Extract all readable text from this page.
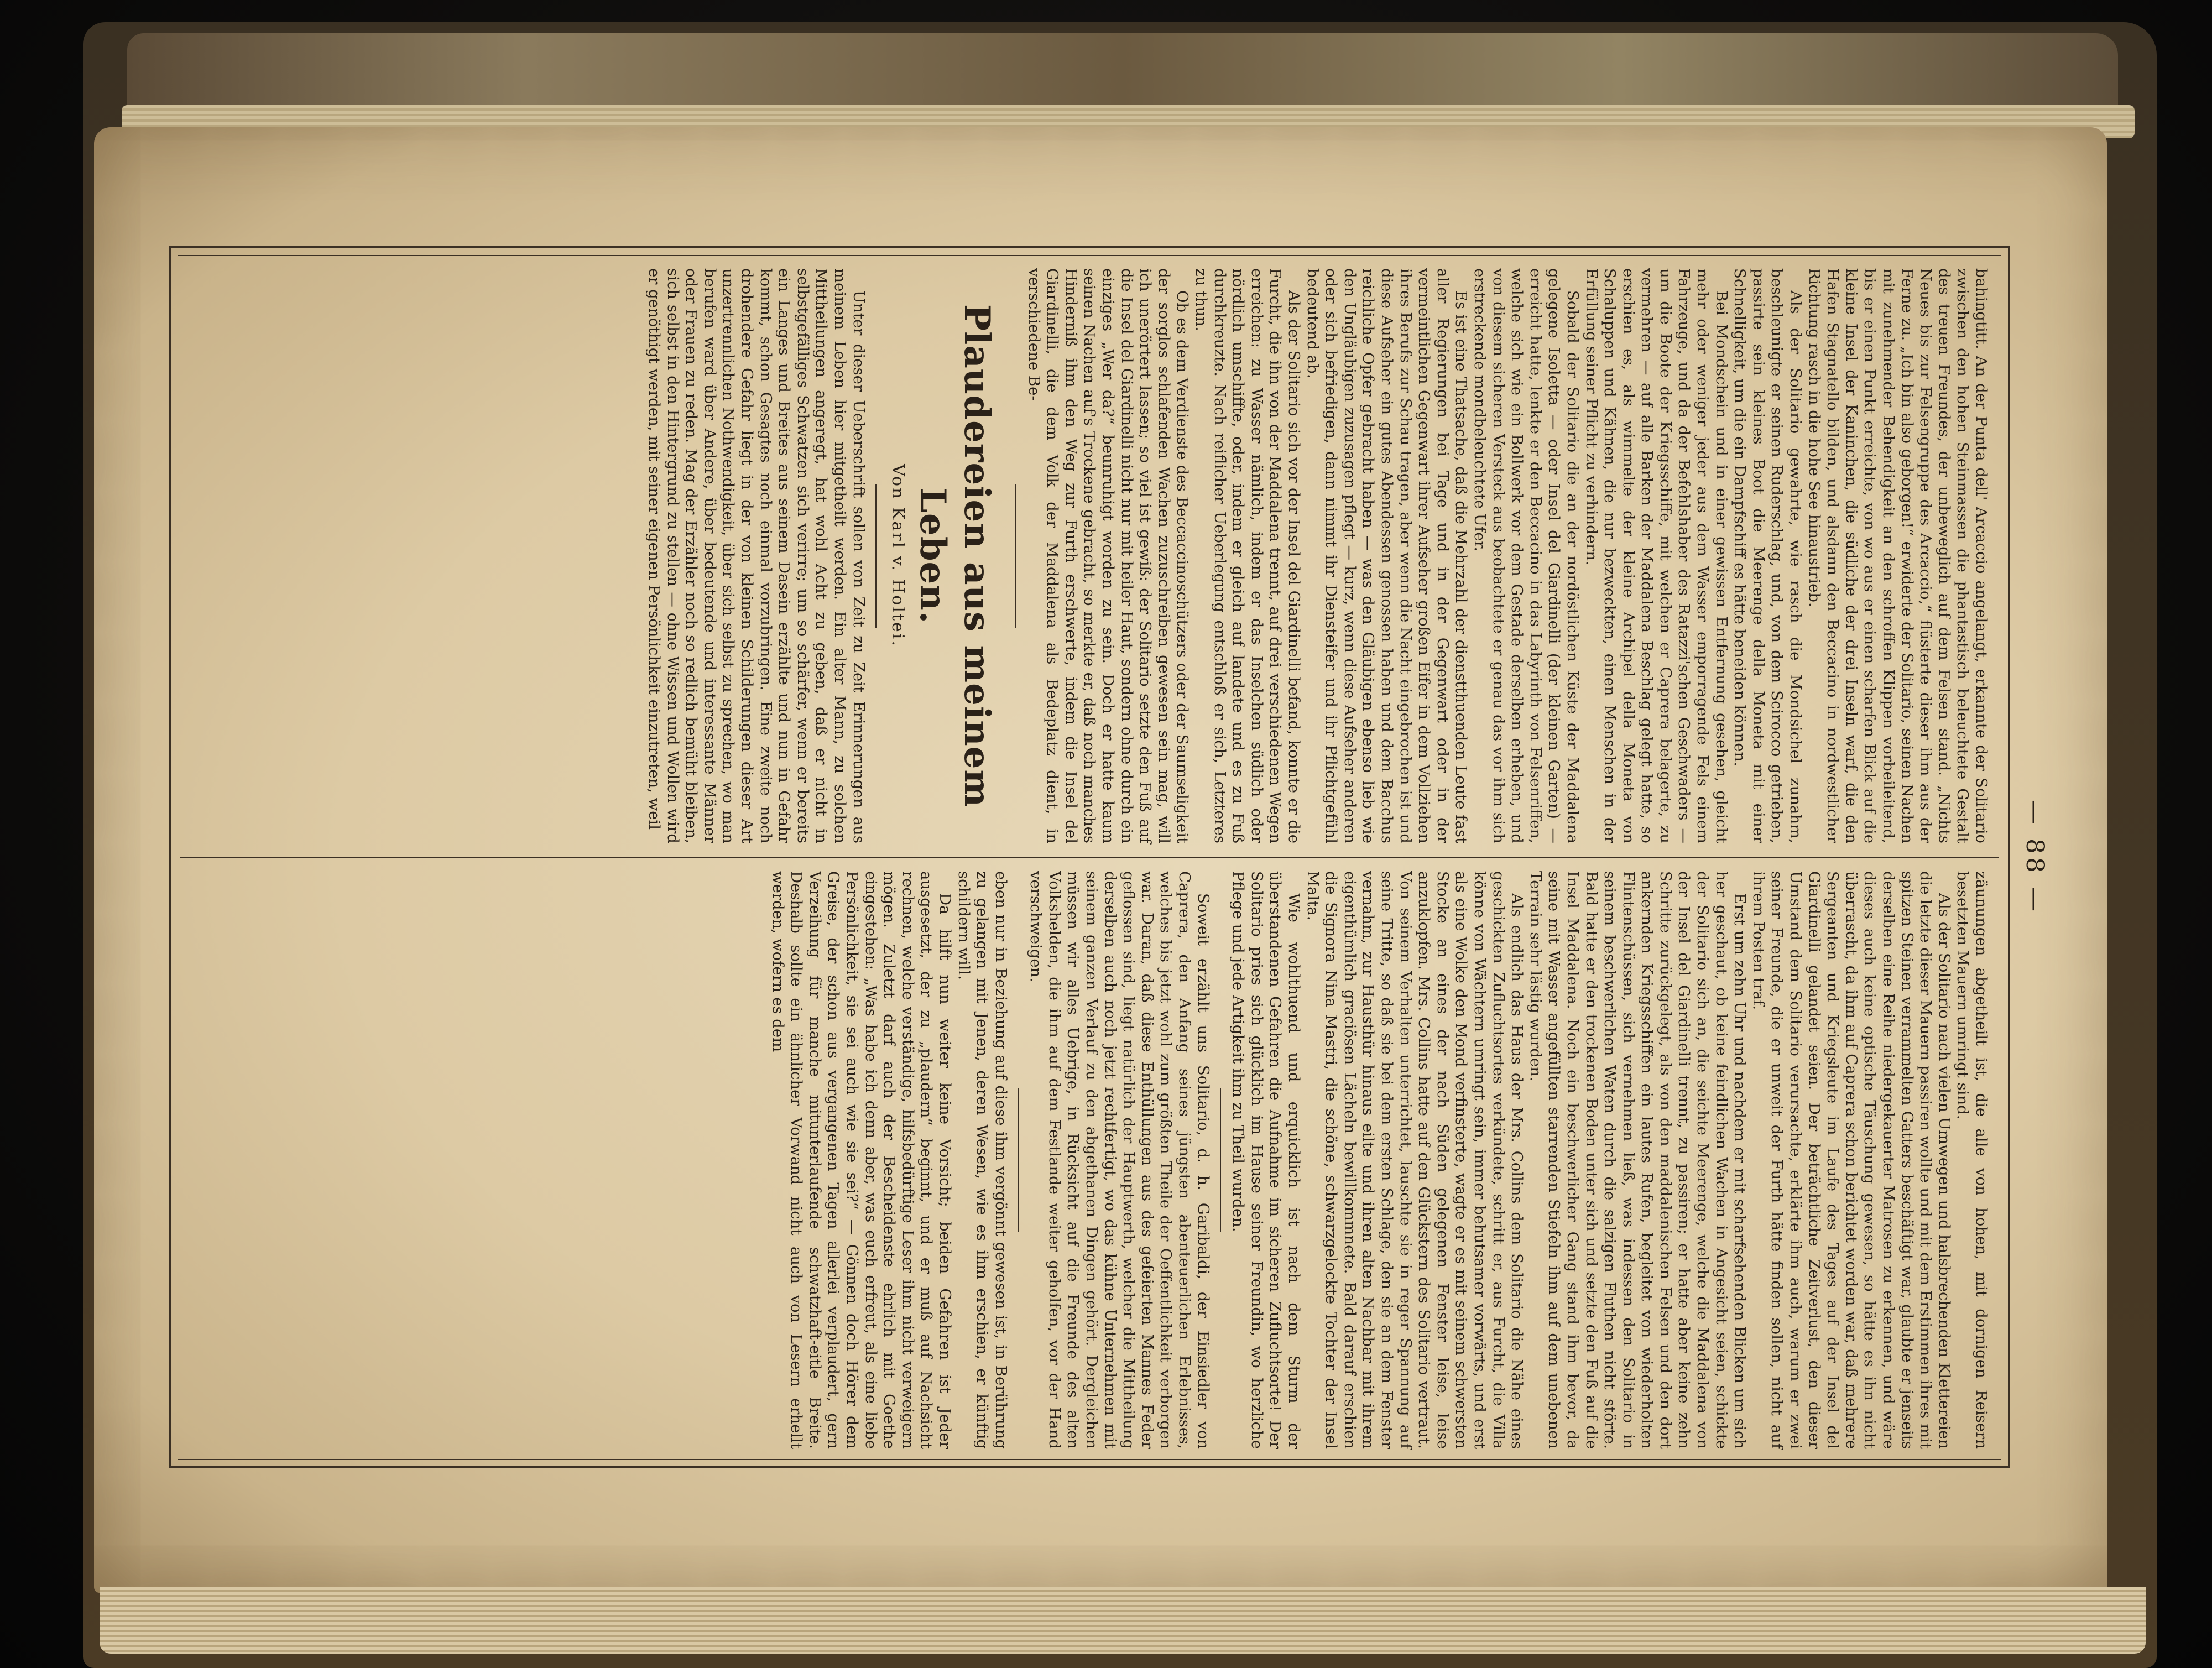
— 88 —

bahingtitt. An der Punta dell' Arcaccio angelangt, erkannte der Solitario zwischen den hohen Steinmassen die phantastisch beleuchtete Gestalt des treuen Freundes, der unbeweglich auf dem Felsen stand. „Nichts Neues bis zur Felsengruppe des Arcaccio,“ flüsterte dieser ihm aus der Ferne zu. „Ich bin also geborgen!“ erwiderte der Solitario, seinen Nachen mit zunehmender Behendigkeit an den schroffen Klippen vorbeileitend, bis er einen Punkt erreichte, von wo aus er einen scharfen Blick auf die kleine Insel der Kaninchen, die südliche der drei Inseln warf, die den Hafen Stagnatello bilden, und alsdann den Beccacino in nordwestlicher Richtung rasch in die hohe See hinaustrieb.

Als der Solitario gewahrte, wie rasch die Mondsichel zunahm, beschleunigte er seinen Ruderschlag, und, von dem Scirocco getrieben, passirte sein kleines Boot die Meerenge della Moneta mit einer Schnelligkeit, um die ein Dampfschiff es hätte beneiden können.

Bei Mondschein und in einer gewissen Entfernung gesehen, gleicht mehr oder weniger jeder aus dem Wasser emporragende Fels einem Fahrzeuge, und da der Befehlshaber des Ratazzi'schen Geschwaders — um die Boote der Kriegsschiffe, mit welchen er Caprera belagerte, zu vermehren — auf alle Barken der Maddalena Beschlag gelegt hatte, so erschien es, als wimmelte der kleine Archipel della Moneta von Schaluppen und Kähnen, die nur bezweckten, einen Menschen in der Erfüllung seiner Pflicht zu verhindern.

Sobald der Solitario die an der nordöstlichen Küste der Maddalena gelegene Isoletta — oder Insel del Giardinelli (der kleinen Garten) — erreicht hatte, lenkte er den Beccacino in das Labyrinth von Felsenriffen, welche sich wie ein Bollwerk vor dem Gestade derselben erheben, und von diesem sicheren Versteck aus beobachtete er genau das vor ihm sich erstreckende mondbeleuchtete Ufer.

Es ist eine Thatsache, daß die Mehrzahl der dienstthuenden Leute fast aller Regierungen bei Tage und in der Gegenwart oder in der vermeintlichen Gegenwart ihrer Aufseher großen Eifer in dem Vollziehen ihres Berufs zur Schau tragen, aber wenn die Nacht eingebrochen ist und diese Aufseher ein gutes Abendessen genossen haben und dem Bacchus reichliche Opfer gebracht haben — was den Gläubigen ebenso lieb wie den Ungläubigen zuzusagen pflegt — kurz, wenn diese Aufseher anderen oder sich befriedigen, dann nimmt ihr Diensteifer und ihr Pflichtgefühl bedeutend ab.

Als der Solitario sich vor der Insel del Giardinelli befand, konnte er die Furcht, die ihn von der Maddalena trennt, auf drei verschiedenen Wegen erreichen: zu Wasser nämlich, indem er das Inselchen südlich oder nördlich umschiffte, oder, indem er gleich auf landete und es zu Fuß durchkreuzte. Nach reiflicher Ueberlegung entschloß er sich, Letzteres zu thun.

Ob es dem Verdienste des Beccaccinoschützers oder der Saumseligkeit der sorglos schlafenden Wachen zuzuschreiben gewesen sein mag, will ich unerörtert lassen; so viel ist gewiß: der Solitario setzte den Fuß auf die Insel del Giardinelli nicht nur mit heiler Haut, sondern ohne durch ein einziges „Wer da?“ beunruhigt worden zu sein. Doch er hatte kaum seinen Nachen auf's Trockene gebracht, so merkte er, daß noch manches Hinderniß ihm den Weg zur Furth erschwerte, indem die Insel del Giardinelli, die dem Volk der Maddalena als Bedeplatz dient, in verschiedene Be-

Plaudereien aus meinem Leben.
Von Karl v. Holtei.

Unter dieser Ueberschrift sollen von Zeit zu Zeit Erinnerungen aus meinem Leben hier mitgetheilt werden. Ein alter Mann, zu solchen Mittheilungen angeregt, hat wohl Acht zu geben, daß er nicht in selbstgefälliges Schwatzen sich verirre; um so schärfer, wenn er bereits ein Langes und Breites aus seinem Dasein erzählte und nun in Gefahr kommt, schon Gesagtes noch einmal vorzubringen. Eine zweite noch drohendere Gefahr liegt in der von kleinen Schilderungen dieser Art unzertrennlichen Nothwendigkeit, über sich selbst zu sprechen, wo man berufen ward über Andere, über bedeutende und interessante Männer oder Frauen zu reden. Mag der Erzähler noch so redlich bemüht bleiben, sich selbst in den Hintergrund zu stellen — ohne Wissen und Wollen wird er genöthigt werden, mit seiner eigenen Persönlichkeit einzutreten, weil

zäunungen abgetheilt ist, die alle von hohen, mit dornigen Reisern besetzten Mauern umringt sind.

Als der Solitario nach vielen Umwegen und halsbrechenden Klettereien die letzte dieser Mauern passiren wollte und mit dem Erstimmen ihres mit spitzen Steinen verrammelten Gatters beschäftigt war, glaubte er jenseits derselben eine Reihe niedergekauerter Matrosen zu erkennen, und wäre dieses auch keine optische Täuschung gewesen, so hätte es ihn nicht überrascht, da ihm auf Caprera schon berichtet worden war, daß mehrere Sergeanten und Kriegsleute im Laufe des Tages auf der Insel del Giardinelli gelandet seien. Der beträchtliche Zeitverlust, den dieser Umstand dem Solitario verursachte, erklärte ihm auch, warum er zwei seiner Freunde, die er unweit der Furth hätte finden sollen, nicht auf ihrem Posten traf.

Erst um zehn Uhr und nachdem er mit scharfsehenden Blicken um sich her geschaut, ob keine feindlichen Wachen in Angesicht seien, schickte der Solitario sich an, die seichte Meerenge, welche die Maddalena von der Insel del Giardinelli trennt, zu passiren; er hatte aber keine zehn Schritte zurückgelegt, als von den maddalenischen Felsen und den dort ankernden Kriegsschiffen ein lautes Rufen, begleitet von wiederholten Flintenschüssen, sich vernehmen ließ, was indessen den Solitario in seinem beschwerlichen Waten durch die salzigen Fluthen nicht störte. Bald hatte er den trockenen Boden unter sich und setzte den Fuß auf die Insel Maddalena. Noch ein beschwerlicher Gang stand ihm bevor, da seine mit Wasser angefüllten starrenden Stiefeln ihm auf dem unebenen Terrain sehr lästig wurden.

Als endlich das Haus der Mrs. Collins dem Solitario die Nähe eines geschickten Zufluchtsortes verkündete, schritt er, aus Furcht, die Villa könne von Wächtern umringt sein, immer behutsamer vorwärts, und erst als eine Wolke den Mond verfinsterte, wagte er es mit seinem schwersten Stocke an eines der nach Süden gelegenen Fenster leise, leise anzuklopfen. Mrs. Collins hatte auf den Glückstern des Solitario vertraut. Von seinem Verhalten unterrichtet, lauschte sie in reger Spannung auf seine Tritte, so daß sie bei dem ersten Schlage, den sie an dem Fenster vernahm, zur Hausthür hinaus eilte und ihren alten Nachbar mit ihrem eigenthümlich graciösen Lächeln bewillkommnete. Bald darauf erschien die Signora Nina Mastri, die schöne, schwarzgelockte Tochter der Insel Malta.

Wie wohlthuend und erquicklich ist nach dem Sturm der überstandenen Gefahren die Aufnahme im sicheren Zufluchtsorte! Der Solitario pries sich glücklich im Hause seiner Freundin, wo herzliche Pflege und jede Artigkeit ihm zu Theil wurden.

Soweit erzählt uns Solitario, d. h. Garibaldi, der Einsiedler von Caprera, den Anfang seines jüngsten abenteuerlichen Erlebnisses, welches bis jetzt wohl zum größten Theile der Oeffentlichkeit verborgen war. Daran, daß diese Enthüllungen aus des gefeierten Mannes Feder geflossen sind, liegt natürlich der Hauptwerth, welcher die Mittheilung derselben auch noch jetzt rechtfertigt, wo das kühne Unternehmen mit seinem ganzen Verlauf zu den abgethanen Dingen gehört. Dergleichen müssen wir alles Uebrige, in Rücksicht auf die Freunde des alten Volkshelden, die ihm auf dem Festlande weiter geholfen, vor der Hand verschweigen.

eben nur in Beziehung auf diese ihm vergönnt gewesen ist, in Berührung zu gelangen mit Jenen, deren Wesen, wie es ihm erschien, er künftig schildern will.

Da hilft nun weiter keine Vorsicht; beiden Gefahren ist Jeder ausgesetzt, der zu „plaudern“ beginnt, und er muß auf Nachsicht rechnen, welche verständige, hilfsbedürftige Leser ihm nicht verweigern mögen. Zuletzt darf auch der Bescheidenste ehrlich mit Goethe eingestehen: „Was habe ich denn aber, was euch erfreut, als eine liebe Persönlichkeit, sie sei auch wie sie sei?“ — Gönnen doch Hörer dem Greise, der schon aus vergangenen Tagen allerlei verplaudert, gern Verzeihung für manche mitunterlaufende schwatzhaft-eitle Breite. Deshalb sollte ein ähnlicher Vorwand nicht auch von Lesern erhellt werden, wofern es dem
